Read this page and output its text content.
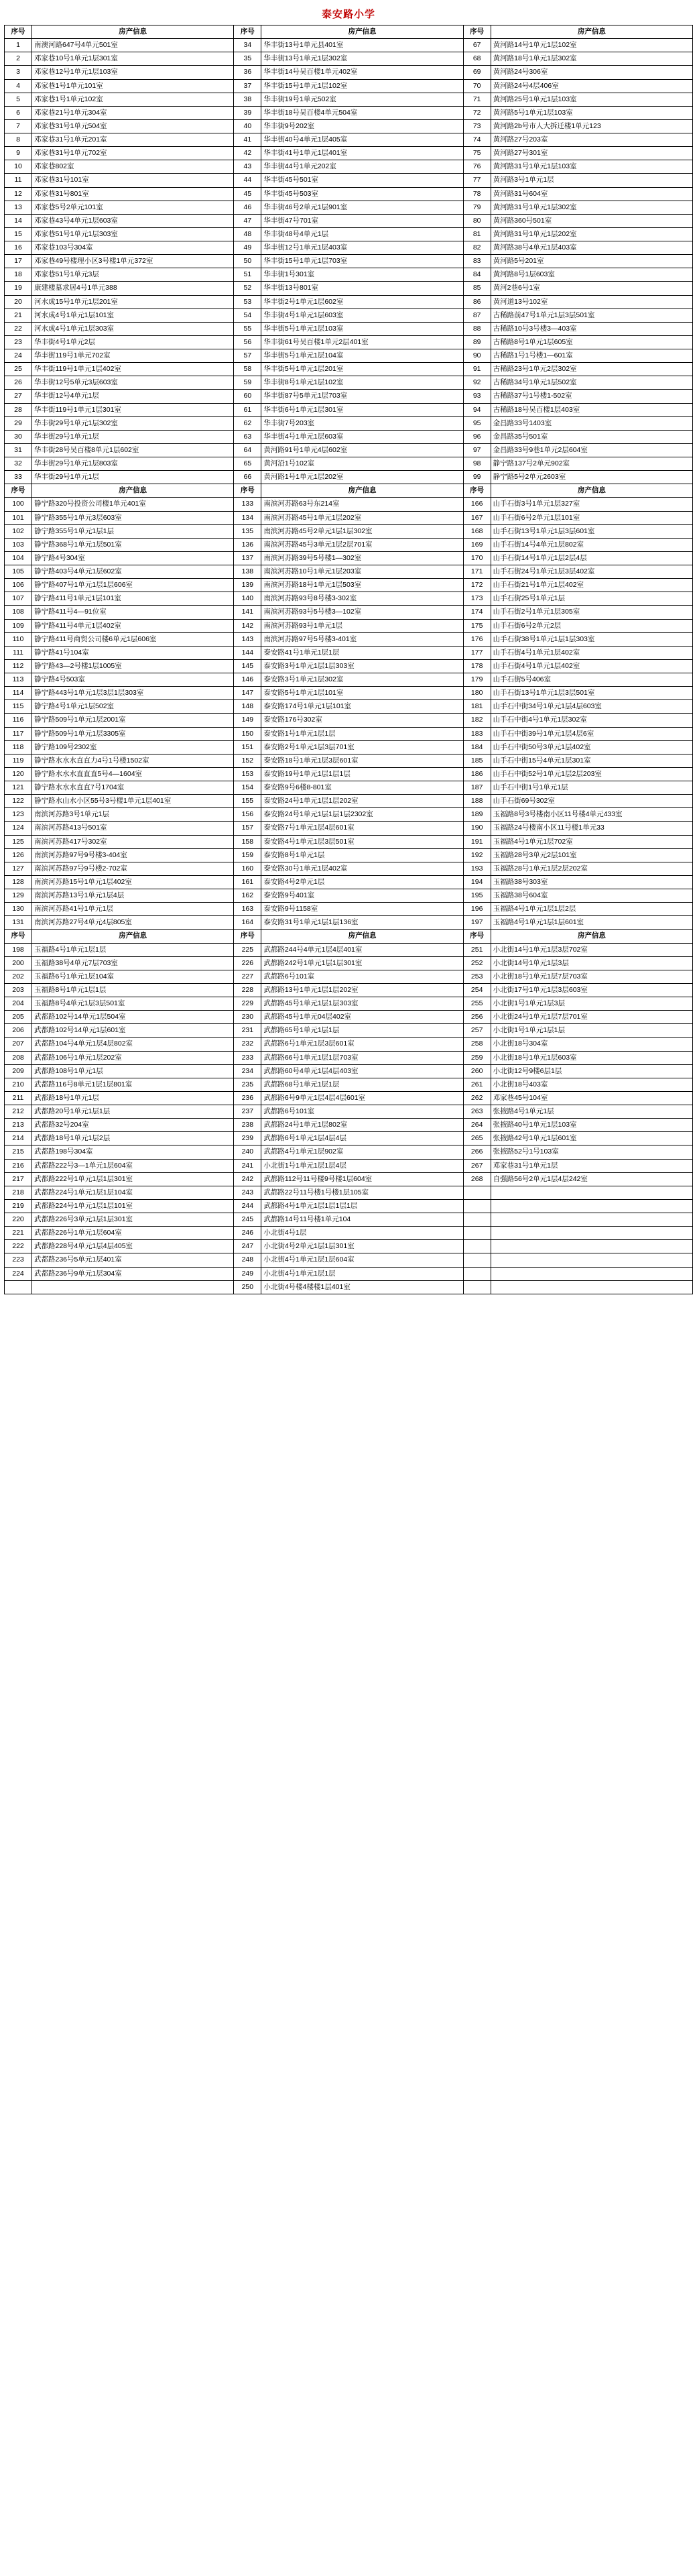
泰安路小学
序号	房产信息	序号	房产信息	序号	房产信息
1	南澳河路647号4单元501室	34	华丰街13号1单元县401室	67	黄河路14号1单元1层102室
2	邓家巷10号1单元1层301室	35	华丰街13号1单元1层302室	68	黄河路18号1单元1层302室
3	邓家巷12号1单元1层103室	36	华丰街14号吴百楼1单元402室	69	黄河路24号306室
4	邓家巷1号1单元101室	37	华丰街15号1单元1层102室	70	黄河路24号4层406室
5	邓家巷1号1单元102室	38	华丰街19号1单元502室	71	黄河路25号1单元1层103室
6	邓家巷21号1单元304室	39	华丰街18号吴百楼4单元504室	72	黄河路5号1单元1层103室
7	邓家巷31号1单元504室	40	华丰街9号202室	73	黄河路2b号市人大拆迁楼1单元123
8	邓家巷31号1单元201室	41	华丰街40号4单元1层405室	74	黄河路27号203室
9	邓家巷31号1单元702室	42	华丰街41号1单元1层401室	75	黄河路27号301室
10	邓家巷802室	43	华丰街44号1单元202室	76	黄河路31号1单元1层103室
11	邓家巷31号101室	44	华丰街45号501室	77	黄河路3号1单元1层
12	邓家巷31号801室	45	华丰街45号503室	78	黄河路31号604室
13	邓家巷5号2单元101室	46	华丰街46号2单元1层901室	79	黄河路31号1单元1层302室
14	邓家巷43号4单元1层603室	47	华丰街47号701室	80	黄河路360号501室
15	邓家巷51号1单元1层303室	48	华丰街48号4单元1层	81	黄河路31号1单元1层202室
16	邓家巷103号304室	49	华丰街12号1单元1层403室	82	黄河路38号4单元1层403室
17	邓家巷49号楼理小区3号楼1单元372室	50	华丰街15号1单元1层703室	83	黄河路5号201室
18	邓家巷51号1单元3层	51	华丰街1号301室	84	黄河路8号1层603室
19	康建楼墓求居4号1单元388	52	华丰街13号801室	85	黄河2巷6号1室
20	河水成15号1单元1层201室	53	华丰街2号1单元1层602室	86	黄河道13号102室
21	河水成4号1单元1层101室	54	华丰街4号1单元1层603室	87	古稀路前47号1单元1层3层501室
22	河水成4号1单元1层303室	55	华丰街5号1单元1层103室	88	古稀路10号3号楼3—403室
23	华丰街4号1单元2层	56	华丰街61号吴百楼1单元2层401室	89	古稀路8号1单元1层605室
24	华丰街119号1单元702室	57	华丰街5号1单元1层104室	90	古稀路1号1号楼1—601室
25	华丰街119号1单元1层402室	58	华丰街5号1单元1层201室	91	古稀路23号1单元2层302室
26	华丰街12号5单元3层603室	59	华丰街8号1单元1层102室	92	古稀路34号1单元1层502室
27	华丰街12号4单元1层	60	华丰街87号5单元1层703室	93	古稀路37号1号楼1-502室
28	华丰街119号1单元1层301室	61	华丰街6号1单元1层301室	94	古稀路18号吴百楼1层403室
29	华丰街29号1单元1层302室	62	华丰街7号203室	95	金昌路33号1403室
30	华丰街29号1单元1层	63	华丰街4号1单元1层603室	96	金昌路35号501室
31	华丰街28号吴百楼8单元1层602室	64	黄河路91号1单元4层602室	97	金昌路33号9巷1单元2层604室
32	华丰街29号1单元1层803室	65	黄河沿1号102室	98	静宁路137号2单元902室
33	华丰街29号1单元1层	66	黄河路1号1单元1层202室	99	静宁路5号2单元2603室
序号	房产信息	序号	房产信息	序号	房产信息
100	静宁路320号投资公司楼1单元401室	133	南滨河苏路63号东214室	166	山手石街3号1单元1层327室
101	静宁路355号1单元3层603室	134	南滨河苏路45号1单元1层202室	167	山手石街6号2单元1层101室
102	静宁路355号1单元1层1层	135	南滨河苏路45号2单元1层1层302室	168	山手石街13号1单元1层3层601室
103	静宁路368号1单元1层501室	136	南滨河苏路45号3单元1层2层701室	169	山手石街14号4单元1层802室
104	静宁路4号304室	137	南滨河苏路39号5号楼1—302室	170	山手石街14号1单元1层2层4层
105	静宁路403号4单元1层602室	138	南滨河苏路10号1单元1层203室	171	山手石街24号1单元1层3层402室
106	静宁路407号1单元1层1层606室	139	南滨河苏路18号1单元1层503室	172	山手石街21号1单元1层402室
107	静宁路411号1单元1层101室	140	南滨河苏路93号8号楼3-302室	173	山手石街25号1单元1层
108	静宁路411号4—91位室	141	南滨河苏路93号5号楼3—102室	174	山手石街2号1单元1层305室
109	静宁路411号4单元1层402室	142	南滨河苏路93号1单元1层	175	山手石街6号2单元2层
110	静宁路411号商贸公司楼6单元1层606室	143	南滨河苏路97号5号楼3-401室	176	山手石街38号1单元1层1层303室
111	静宁路41号104室	144	泰安路41号1单元1层1层	177	山手石街4号1单元1层402室
112	静宁路43—2号楼1层1005室	145	泰安路3号1单元1层1层303室	178	山手石街4号1单元1层402室
113	静宁路4号503室	146	泰安路3号1单元1层302室	179	山手石街5号406室
114	静宁路443号1单元1层3层1层303室	147	泰安路5号1单元1层101室	180	山手石街13号1单元1层3层501室
115	静宁路4号1单元1层502室	148	泰安路174号1单元1层101室	181	山手石中街34号1单元1层4层603室
116	静宁路509号1单元1层2001室	149	泰安路176号302室	182	山手石中街4号1单元1层302室
117	静宁路509号1单元1层3305室	150	泰安路1号1单元1层1层	183	山手石中街39号1单元1层4层6室
118	静宁路109号2302室	151	泰安路2号1单元1层3层701室	184	山手石中街50号3单元1层402室
119	静宁路水水水直直力4号1号楼1502室	152	泰安路18号1单元1层3层601室	185	山手石中街15号4单元1层301室
120	静宁路水水水直直直5号4—1604室	153	泰安路19号1单元1层1层1层	186	山手石中街52号1单元1层2层203室
121	静宁路水水水直直7号1704室	154	泰安路9号6楼8-801室	187	山手石中街1号1单元1层
122	静宁路水山水小区55号3号楼1单元1层401室	155	泰安路24号1单元1层1层202室	188	山手石街69号302室
123	南滨河苏路3号1单元1层	156	泰安路24号1单元1层1层1层2302室	189	玉福路8号3号楼南小区11号楼4单元433室
124	南滨河苏路413号501室	157	泰安路7号1单元1层4层601室	190	玉福路24号楼南小区11号楼1单元33
125	南滨河苏路417号302室	158	泰安路4号1单元1层3层501室	191	玉福路4号1单元1层702室
126	南滨河苏路97号9号楼3-404室	159	泰安路8号1单元1层	192	玉福路28号3单元2层101室
127	南滨河苏路97号9号楼2-702室	160	泰安路30号1单元1层402室	193	玉福路28号1单元1层2层202室
128	南滨河苏路15号1单元1层402室	161	泰安路4号2单元1层	194	玉福路38号303室
129	南滨河苏路13号1单元1层4层	162	泰安路9号401室	195	玉福路38号604室
130	南滨河苏路41号1单元1层	163	泰安路9号1158室	196	玉福路4号1单元1层1层2层
131	南滨河苏路27号4单元4层805室	164	泰安路31号1单元1层1层136室	197	玉福路4号1单元1层1层601室
序号	房产信息	序号	房产信息	序号	房产信息
198	玉福路4号1单元1层1层	225	武都路244号4单元1层4层401室	251	小北街14号1单元1层3层702室
200	玉福路38号4单元7层703室	226	武都路242号1单元1层1层301室	252	小北街14号1单元1层3层
202	玉福路6号1单元1层104室	227	武都路6号101室	253	小北街18号1单元1层7层703室
203	玉福路8号1单元1层1层	228	武都路13号1单元1层1层202室	254	小北街17号1单元1层3层603室
204	玉福路8号4单元1层3层501室	229	武都路45号1单元1层1层303室	255	小北街1号1单元1层3层
205	武都路102号14单元1层504室	230	武都路45号1单元04层402室	256	小北街24号1单元1层7层701室
206	武都路102号14单元1层601室	231	武都路65号1单元1层1层	257	小北街1号1单元1层1层
207	武都路104号4单元1层4层802室	232	武都路6号1单元1层3层601室	258	小北街18号304室
208	武都路106号1单元1层202室	233	武都路66号1单元1层1层703室	259	小北街18号1单元1层603室
209	武都路108号1单元1层	234	武都路60号4单元1层4层403室	260	小北街12号9楼6层1层
210	武都路116号8单元1层1层801室	235	武都路68号1单元1层1层	261	小北街18号403室
211	武都路18号1单元1层	236	武都路6号9单元1层4层4层601室	262	邓家巷45号104室
212	武都路20号1单元1层1层	237	武都路6号101室	263	张掖路4号1单元1层
213	武都路32号204室	238	武都路24号1单元1层802室	264	张掖路40号1单元1层103室
214	武都路18号1单元1层2层	239	武都路6号1单元1层4层4层	265	张掖路42号1单元1层601室
215	武都路198号304室	240	武都路4号1单元1层902室	266	张掖路52号1号103室
216	武都路222号3—1单元1层604室	241	小北街1号1单元1层1层4层	267	邓家巷31号1单元1层
217	武都路222号1单元1层1层301室	242	武都路112号11号楼9号楼1层604室	268	自强路56号2单元1层4层242室
218	武都路224号1单元1层1层104室	243	武都路22号11号楼1号楼1层105室		
219	武都路224号1单元1层1层101室	244	武都路4号1单元1层1层1层1层		
220	武都路226号3单元1层1层301室	245	武都路14号11号楼1单元104		
221	武都路226号1单元1层604室	246	小北街4号1层		
222	武都路228号4单元1层4层405室	247	小北街4号2单元1层1层301室		
223	武都路236号5单元1层401室	248	小北街4号1单元1层1层604室		
224	武都路236号9单元1层304室	249	小北街4号1单元1层1层		
		250	小北街4号楼4楼楼1层401室		
